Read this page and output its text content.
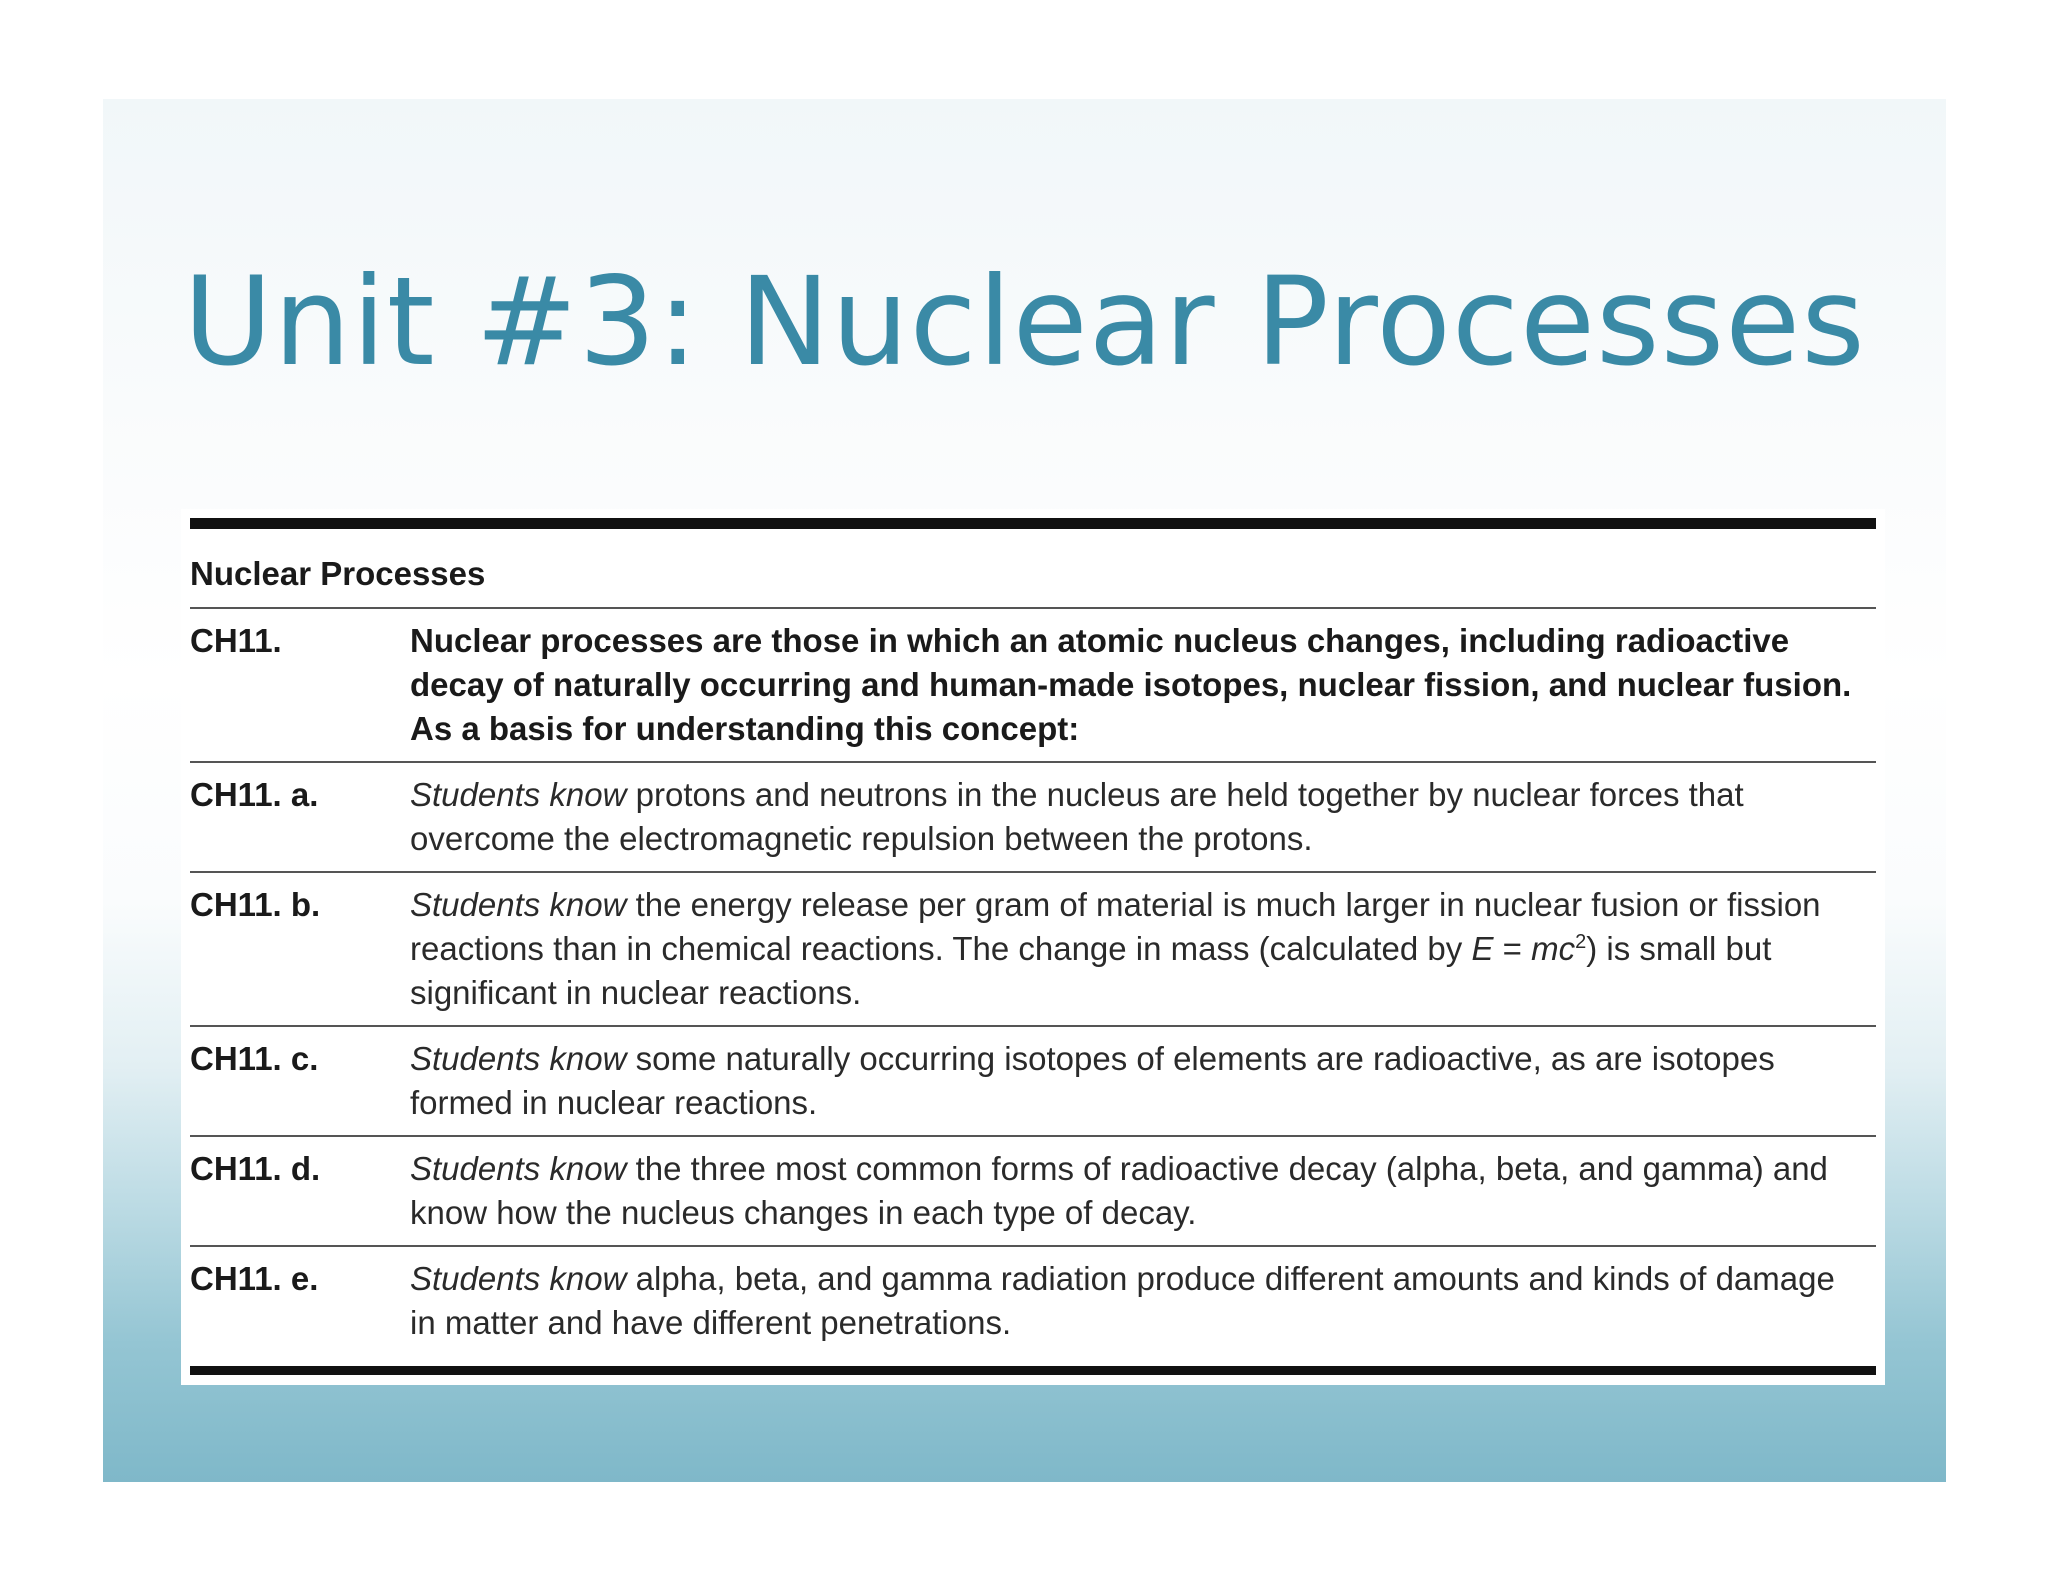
Unit #3: Nuclear Processes
Nuclear Processes
CH11.	Nuclear processes are those in which an atomic nucleus changes, including radioactive decay of naturally occurring and human-made isotopes, nuclear fission, and nuclear fusion. As a basis for understanding this concept:
CH11. a.	Students know protons and neutrons in the nucleus are held together by nuclear forces that overcome the electromagnetic repulsion between the protons.
CH11. b.	Students know the energy release per gram of material is much larger in nuclear fusion or fission reactions than in chemical reactions. The change in mass (calculated by $E = mc^2$) is small but significant in nuclear reactions.
CH11. c.	Students know some naturally occurring isotopes of elements are radioactive, as are isotopes formed in nuclear reactions.
CH11. d.	Students know the three most common forms of radioactive decay (alpha, beta, and gamma) and know how the nucleus changes in each type of decay.
CH11. e.	Students know alpha, beta, and gamma radiation produce different amounts and kinds of damage in matter and have different penetrations.
